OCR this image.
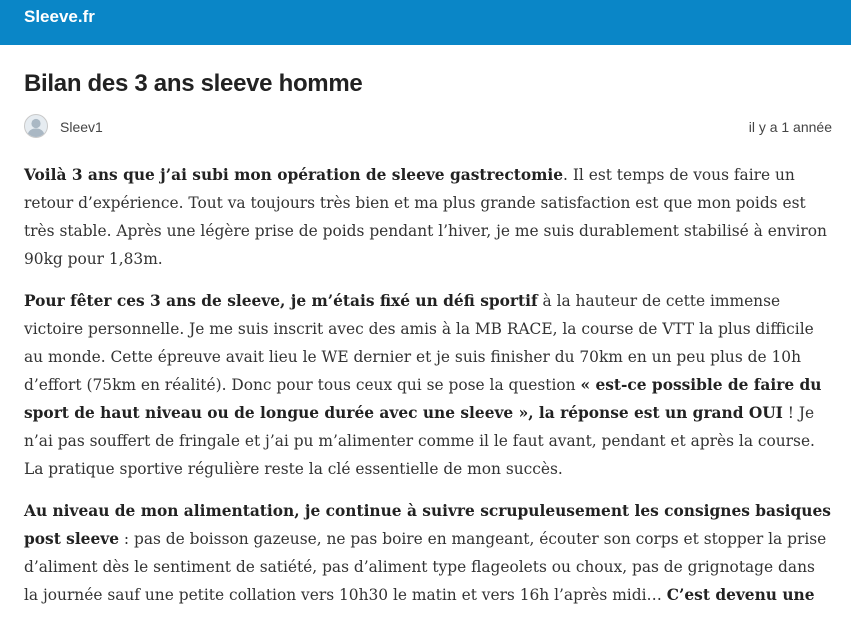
Sleeve.fr
Bilan des 3 ans sleeve homme
Sleev1	il y a 1 année

Voilà 3 ans que j’ai subi mon opération de sleeve gastrectomie. Il est temps de vous faire un retour d’expérience. Tout va toujours très bien et ma plus grande satisfaction est que mon poids est très stable. Après une légère prise de poids pendant l’hiver, je me suis durablement stabilisé à environ 90kg pour 1,83m.

Pour fêter ces 3 ans de sleeve, je m’étais fixé un défi sportif à la hauteur de cette immense victoire personnelle. Je me suis inscrit avec des amis à la MB RACE, la course de VTT la plus difficile au monde. Cette épreuve avait lieu le WE dernier et je suis finisher du 70km en un peu plus de 10h d’effort (75km en réalité). Donc pour tous ceux qui se pose la question « est-ce possible de faire du sport de haut niveau ou de longue durée avec une sleeve », la réponse est un grand OUI ! Je n’ai pas souffert de fringale et j’ai pu m’alimenter comme il le faut avant, pendant et après la course. La pratique sportive régulière reste la clé essentielle de mon succès.

Au niveau de mon alimentation, je continue à suivre scrupuleusement les consignes basiques post sleeve : pas de boisson gazeuse, ne pas boire en mangeant, écouter son corps et stopper la prise d’aliment dès le sentiment de satiété, pas d’aliment type flageolets ou choux, pas de grignotage dans la journée sauf une petite collation vers 10h30 le matin et vers 16h l’après midi… C’est devenu une
